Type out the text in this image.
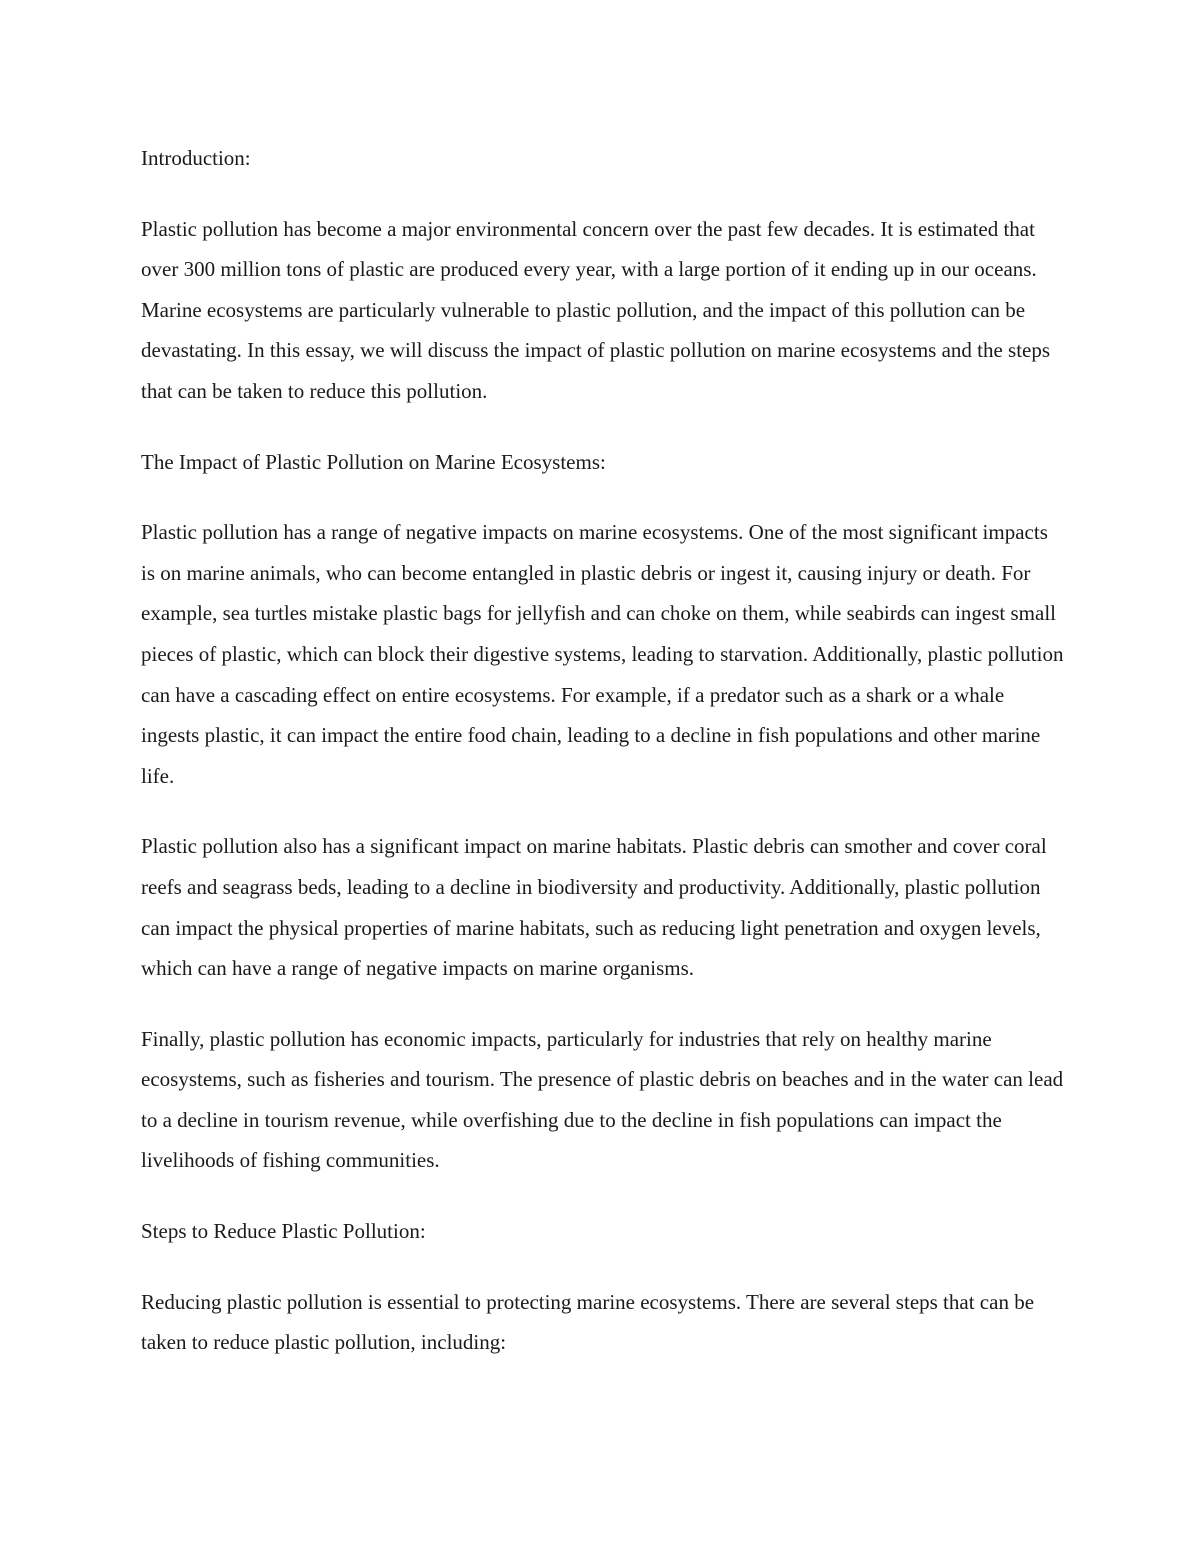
Introduction:

Plastic pollution has become a major environmental concern over the past few decades. It is estimated that over 300 million tons of plastic are produced every year, with a large portion of it ending up in our oceans. Marine ecosystems are particularly vulnerable to plastic pollution, and the impact of this pollution can be devastating. In this essay, we will discuss the impact of plastic pollution on marine ecosystems and the steps that can be taken to reduce this pollution.

The Impact of Plastic Pollution on Marine Ecosystems:

Plastic pollution has a range of negative impacts on marine ecosystems. One of the most significant impacts is on marine animals, who can become entangled in plastic debris or ingest it, causing injury or death. For example, sea turtles mistake plastic bags for jellyfish and can choke on them, while seabirds can ingest small pieces of plastic, which can block their digestive systems, leading to starvation. Additionally, plastic pollution can have a cascading effect on entire ecosystems. For example, if a predator such as a shark or a whale ingests plastic, it can impact the entire food chain, leading to a decline in fish populations and other marine life.

Plastic pollution also has a significant impact on marine habitats. Plastic debris can smother and cover coral reefs and seagrass beds, leading to a decline in biodiversity and productivity. Additionally, plastic pollution can impact the physical properties of marine habitats, such as reducing light penetration and oxygen levels, which can have a range of negative impacts on marine organisms.

Finally, plastic pollution has economic impacts, particularly for industries that rely on healthy marine ecosystems, such as fisheries and tourism. The presence of plastic debris on beaches and in the water can lead to a decline in tourism revenue, while overfishing due to the decline in fish populations can impact the livelihoods of fishing communities.

Steps to Reduce Plastic Pollution:

Reducing plastic pollution is essential to protecting marine ecosystems. There are several steps that can be taken to reduce plastic pollution, including:
